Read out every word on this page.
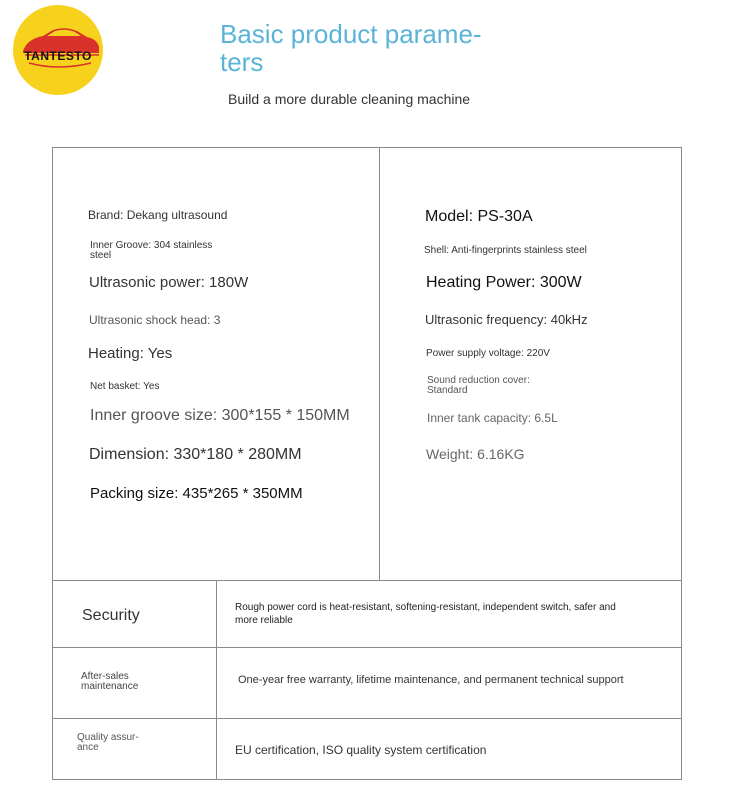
TANTESTO
Basic product parame-
ters
Build a more durable cleaning machine
Brand: Dekang ultrasound
Inner Groove: 304 stainless
steel
Ultrasonic power: 180W
Ultrasonic shock head: 3
Heating: Yes
Net basket: Yes
Inner groove size: 300*155 * 150MM
Dimension: 330*180 * 280MM
Packing size: 435*265 * 350MM
Model: PS-30A
Shell: Anti-fingerprints stainless steel
Heating Power: 300W
Ultrasonic frequency: 40kHz
Power supply voltage: 220V
Sound reduction cover:
Standard
Inner tank capacity: 6.5L
Weight: 6.16KG
Security	Rough power cord is heat-resistant, softening-resistant, independent switch, safer and
more reliable
After-sales
maintenance
One-year free warranty, lifetime maintenance, and permanent technical support
Quality assur-
ance	EU certification, ISO quality system certification
